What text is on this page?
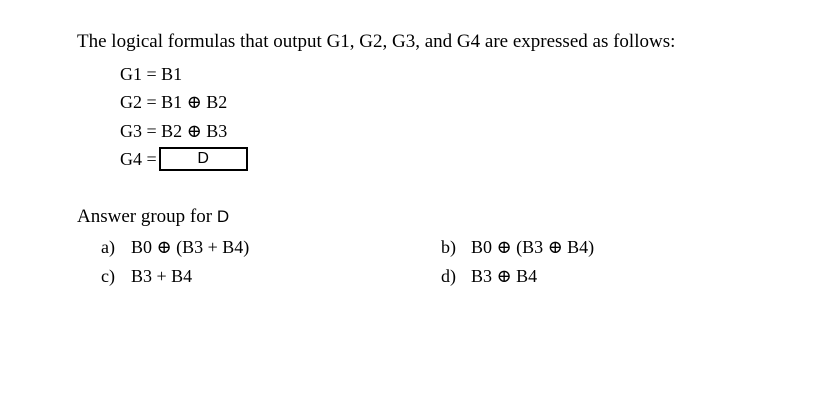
The logical formulas that output G1, G2, G3, and G4 are expressed as follows:
G1 = B1
G2 = B1 ⊕ B2
G3 = B2 ⊕ B3
G4 =	D
Answer group for D
a) B0 ⊕ (B3 + B4)	b) B0 ⊕ (B3 ⊕ B4)
c) B3 + B4	d) B3 ⊕ B4
